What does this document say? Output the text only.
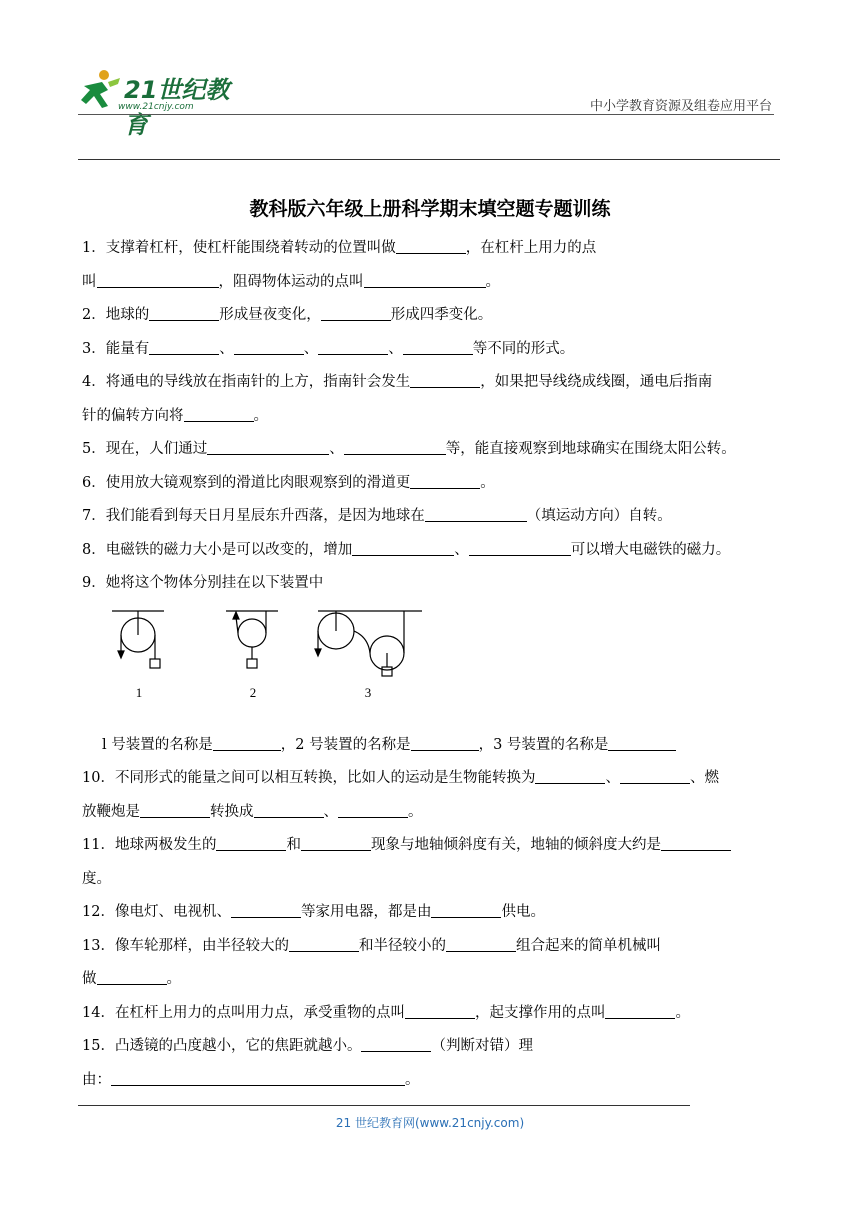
21世纪教育
www.21cnjy.com	中小学教育资源及组卷应用平台
教科版六年级上册科学期末填空题专题训练
1．支撑着杠杆，使杠杆能围绕着转动的位置叫做	，在杠杆上用力的点
叫	，阻碍物体运动的点叫	。
2．地球的	形成昼夜变化，	形成四季变化。
3．能量有	、	、	、	等不同的形式。
4．将通电的导线放在指南针的上方，指南针会发生	，如果把导线绕成线圈，通电后指南
针的偏转方向将	。
5．现在，人们通过	、	等，能直接观察到地球确实在围绕太阳公转。
6．使用放大镜观察到的滑道比肉眼观察到的滑道更	。
7．我们能看到每天日月星辰东升西落，是因为地球在	（填运动方向）自转。
8．电磁铁的磁力大小是可以改变的，增加	、	可以增大电磁铁的磁力。
9．她将这个物体分别挂在以下装置中
1	2	3
l 号装置的名称是	，2 号装置的名称是	，3 号装置的名称是
10．不同形式的能量之间可以相互转换，比如人的运动是生物能转换为	、	、燃
放鞭炮是	转换成	、	。
11．地球两极发生的	和	现象与地轴倾斜度有关，地轴的倾斜度大约是
度。
12．像电灯、电视机、	等家用电器，都是由	供电。
13．像车轮那样，由半径较大的	和半径较小的	组合起来的简单机械叫
做	。
14．在杠杆上用力的点叫用力点，承受重物的点叫	，起支撑作用的点叫	。
15．凸透镜的凸度越小，它的焦距就越小。	（判断对错）理
由：	。
21 世纪教育网(www.21cnjy.com)
